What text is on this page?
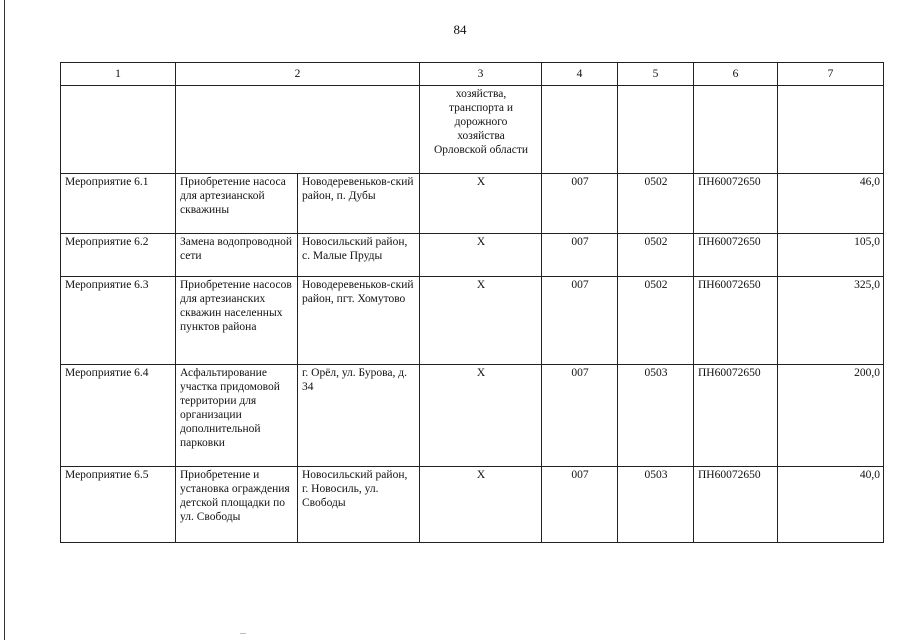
84
1	2		3	4	5	6	7

			хозяйства,
транспорта и
дорожного
хозяйства
Орловской области				

Мероприятие 6.1	Приобретение насоса для артезианской скважины	Новодеревеньков-ский район, п. Дубы	Х	007	0502	ПН60072650	46,0
Мероприятие 6.2	Замена водопроводной сети	Новосильский район, с. Малые Пруды	Х	007	0502	ПН60072650	105,0
Мероприятие 6.3	Приобретение насосов для артезианских скважин населенных пунктов района	Новодеревеньков-ский район, пгт. Хомутово	Х	007	0502	ПН60072650	325,0
Мероприятие 6.4	Асфальтирование участка придомовой территории для организации дополнительной парковки	г. Орёл, ул. Бурова, д. 34	Х	007	0503	ПН60072650	200,0
Мероприятие 6.5	Приобретение и установка ограждения детской площадки по ул. Свободы	Новосильский район, г. Новосиль, ул. Свободы	Х	007	0503	ПН60072650	40,0
